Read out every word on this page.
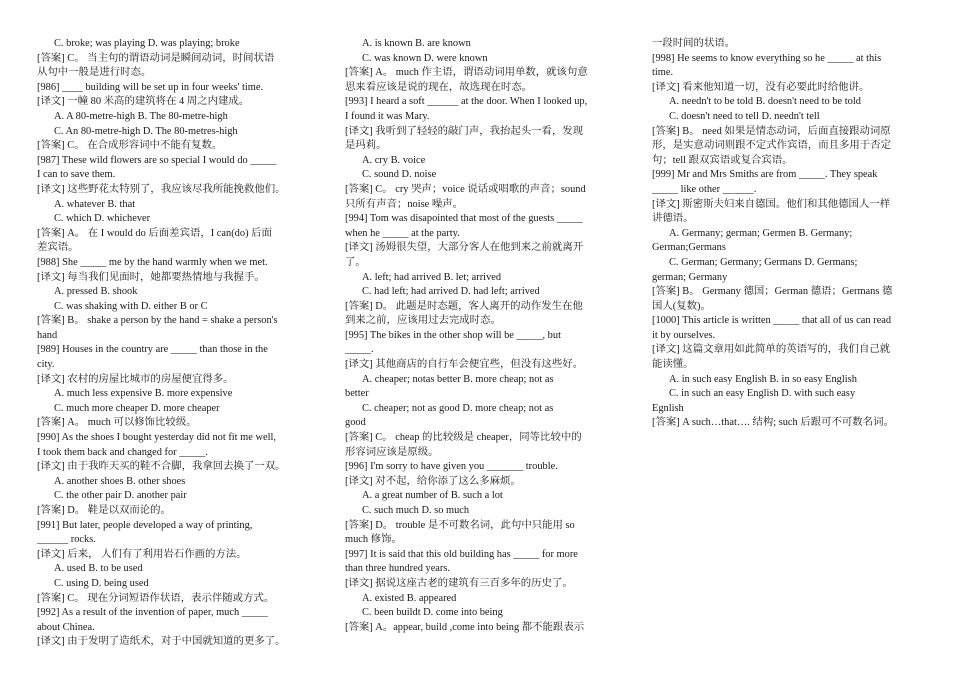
C. broke; was playing D. was playing; broke
[答案] C。 当主句的谓语动词是瞬间动词，时间状语
从句中一般是进行时态。
[986] ____ building will be set up in four weeks' time.
[译文] 一幢 80 米高的建筑将在 4 周之内建成。
A. A 80-metre-high B. The 80-metre-high
C. An 80-metre-high D. The 80-metres-high
[答案] C。 在合成形容词中不能有复数。
[987] These wild flowers are so special I would do _____
I can to save them.
[译文] 这些野花太特别了，我应该尽我所能挽救他们。
A. whatever B. that
C. which D. whichever
[答案] A。 在 I would do 后面差宾语，I can(do) 后面
差宾语。
[988] She _____ me by the hand warmly when we met.
[译文] 每当我们见面时，她都要热情地与我握手。
A. pressed B. shook
C. was shaking with D. either B or C
[答案] B。 shake a person by the hand = shake a person's
hand
[989] Houses in the country are _____ than those in the
city.
[译文] 农村的房屋比城市的房屋便宜得多。
A. much less expensive B. more expensive
C. much more cheaper D. more cheaper
[答案] A。 much 可以修饰比较级。
[990] As the shoes I bought yesterday did not fit me well,
I took them back and changed for _____.
[译文] 由于我昨天买的鞋不合脚，我拿回去换了一双。
A. another shoes B. other shoes
C. the other pair D. another pair
[答案] D。 鞋是以双而论的。
[991] But later, people developed a way of printing,
______ rocks.
[译文] 后来， 人们有了利用岩石作画的方法。
A. used B. to be used
C. using D. being used
[答案] C。 现在分词短语作状语，表示伴随或方式。
[992] As a result of the invention of paper, much _____
about Chinea.
[译文] 由于发明了造纸术，对于中国就知道的更多了。
A. is known B. are known
C. was known D. were known
[答案] A。 much 作主语，谓语动词用单数，就该句意
思来看应该是说的现在，故选现在时态。
[993] I heard a soft ______ at the door. When I looked up,
I found it was Mary.
[译文] 我听到了轻轻的敲门声，我抬起头一看，发现
是玛莉。
A. cry B. voice
C. sound D. noise
[答案] C。 cry 哭声；voice 说话或唱歌的声音；sound
只所有声音；noise 噪声。
[994] Tom was disapointed that most of the guests _____
when he _____ at the party.
[译文] 汤姆很失望，大部分客人在他到来之前就离开
了。
A. left; had arrived B. let; arrived
C. had left; had arrived D. had left; arrived
[答案] D。 此题是时态题，客人离开的动作发生在他
到来之前，应该用过去完成时态。
[995] The bikes in the other shop will be _____, but
_____.
[译文] 其他商店的自行车会便宜些，但没有这些好。
A. cheaper; notas better B. more cheap; not as
better
C. cheaper; not as good D. more cheap; not as
good
[答案] C。 cheap 的比较级是 cheaper，同等比较中的
形容词应该是原级。
[996] I'm sorry to have given you _______ trouble.
[译文] 对不起，给你添了这么多麻烦。
A. a great number of B. such a lot
C. such much D. so much
[答案] D。 trouble 是不可数名词，此句中只能用 so
much 修饰。
[997] It is said that this old building has _____ for more
than three hundred years.
[译文] 据说这座古老的建筑有三百多年的历史了。
A. existed B. appeared
C. been buildt D. come into being
[答案] A。appear, build ,come into being 都不能跟表示
一段时间的状语。
[998] He seems to know everything so he _____ at this
time.
[译文] 看来他知道一切，没有必要此时给他讲。
A. needn't to be told B. doesn't need to be told
C. doesn't need to tell D. needn't tell
[答案] B。 need 如果是情态动词，后面直接跟动词原
形，是实意动词则跟不定式作宾语，而且多用于否定
句；tell 跟双宾语或复合宾语。
[999] Mr and Mrs Smiths are from _____. They speak
_____ like other ______.
[译文] 斯密斯夫妇来自德国。他们和其他德国人一样
讲德语。
A. Germany; german; Germen B. Germany;
German;Germans
C. German; Germany; Germans D. Germans;
german; Germany
[答案] B。 Germany 德国；German 德语；Germans 德
国人(复数)。
[1000] This article is written _____ that all of us can read
it by ourselves.
[译文] 这篇文章用如此简单的英语写的，我们自己就
能读懂。
A. in such easy English B. in so easy English
C. in such an easy English D. with such easy
Egnlish
[答案] A such…that…. 结构; such 后跟可不可数名词。
